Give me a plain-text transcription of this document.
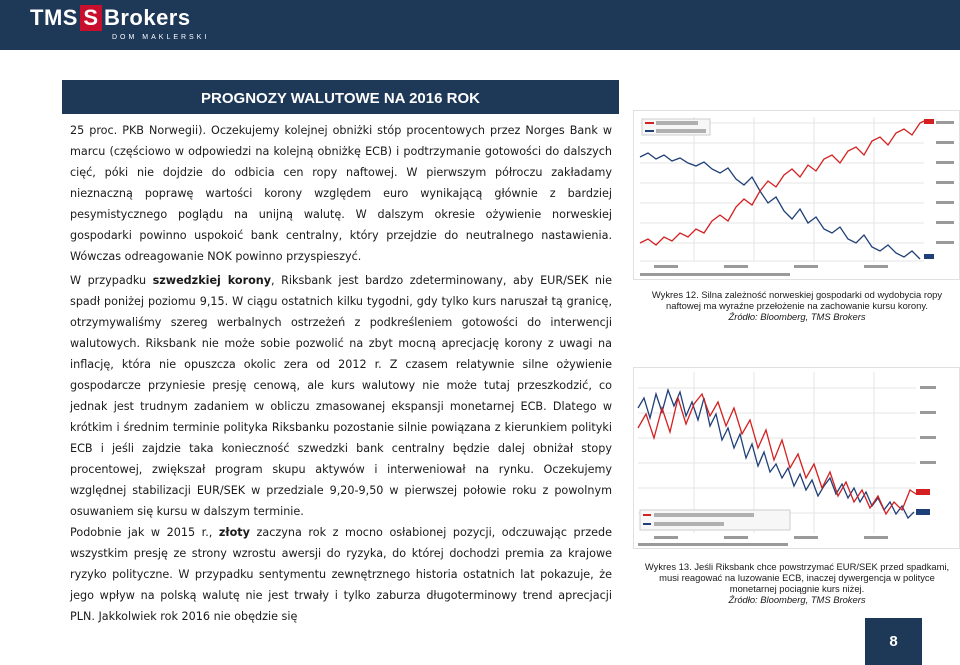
TMS S Brokers
DOM MAKLERSKI
PROGNOZY WALUTOWE NA 2016 ROK
25 proc. PKB Norwegii). Oczekujemy kolejnej obniżki stóp procentowych przez Norges Bank w marcu (częściowo w odpowiedzi na kolejną obniżkę ECB) i podtrzymanie gotowości do dalszych cięć, póki nie dojdzie do odbicia cen ropy naftowej. W pierwszym półroczu zakładamy nieznaczną poprawę wartości korony względem euro wynikającą głównie z bardziej pesymistycznego poglądu na unijną walutę. W dalszym okresie ożywienie norweskiej gospodarki powinno uspokoić bank centralny, który przejdzie do neutralnego nastawienia. Wówczas odreagowanie NOK powinno przyspieszyć.
W przypadku szwedzkiej korony, Riksbank jest bardzo zdeterminowany, aby EUR/SEK nie spadł poniżej poziomu 9,15. W ciągu ostatnich kilku tygodni, gdy tylko kurs naruszał tą granicę, otrzymywaliśmy szereg werbalnych ostrzeżeń z podkreśleniem gotowości do interwencji walutowych. Riksbank nie może sobie pozwolić na zbyt mocną aprecjację korony z uwagi na inflację, która nie opuszcza okolic zera od 2012 r. Z czasem relatywnie silne ożywienie gospodarcze przyniesie presję cenową, ale kurs walutowy nie może tutaj przeszkodzić, co jednak jest trudnym zadaniem w obliczu zmasowanej ekspansji monetarnej ECB. Dlatego w krótkim i średnim terminie polityka Riksbanku pozostanie silnie powiązana z kierunkiem polityki ECB i jeśli zajdzie taka konieczność szwedzki bank centralny będzie dalej obniżał stopy procentowej, zwiększał program skupu aktywów i interweniował na rynku. Oczekujemy względnej stabilizacji EUR/SEK w przedziale 9,20-9,50 w pierwszej połowie roku z powolnym osuwaniem się kursu w dalszym terminie.
Podobnie jak w 2015 r., złoty zaczyna rok z mocno osłabionej pozycji, odczuwając przede wszystkim presję ze strony wzrostu awersji do ryzyka, do której dochodzi premia za krajowe ryzyko polityczne. W przypadku sentymentu zewnętrznego historia ostatnich lat pokazuje, że jego wpływ na polską walutę nie jest trwały i tylko zaburza długoterminowy trend aprecjacji PLN. Jakkolwiek rok 2016 nie obędzie się
Wykres 12. Silna zależność norweskiej gospodarki od wydobycia ropy naftowej ma wyraźne przełożenie na zachowanie kursu korony.
Źródło: Bloomberg, TMS Brokers
Wykres 13. Jeśli Riksbank chce powstrzymać EUR/SEK przed spadkami, musi reagować na luzowanie ECB, inaczej dywergencja w polityce monetarnej pociągnie kurs niżej.
Źródło: Bloomberg, TMS Brokers
8
